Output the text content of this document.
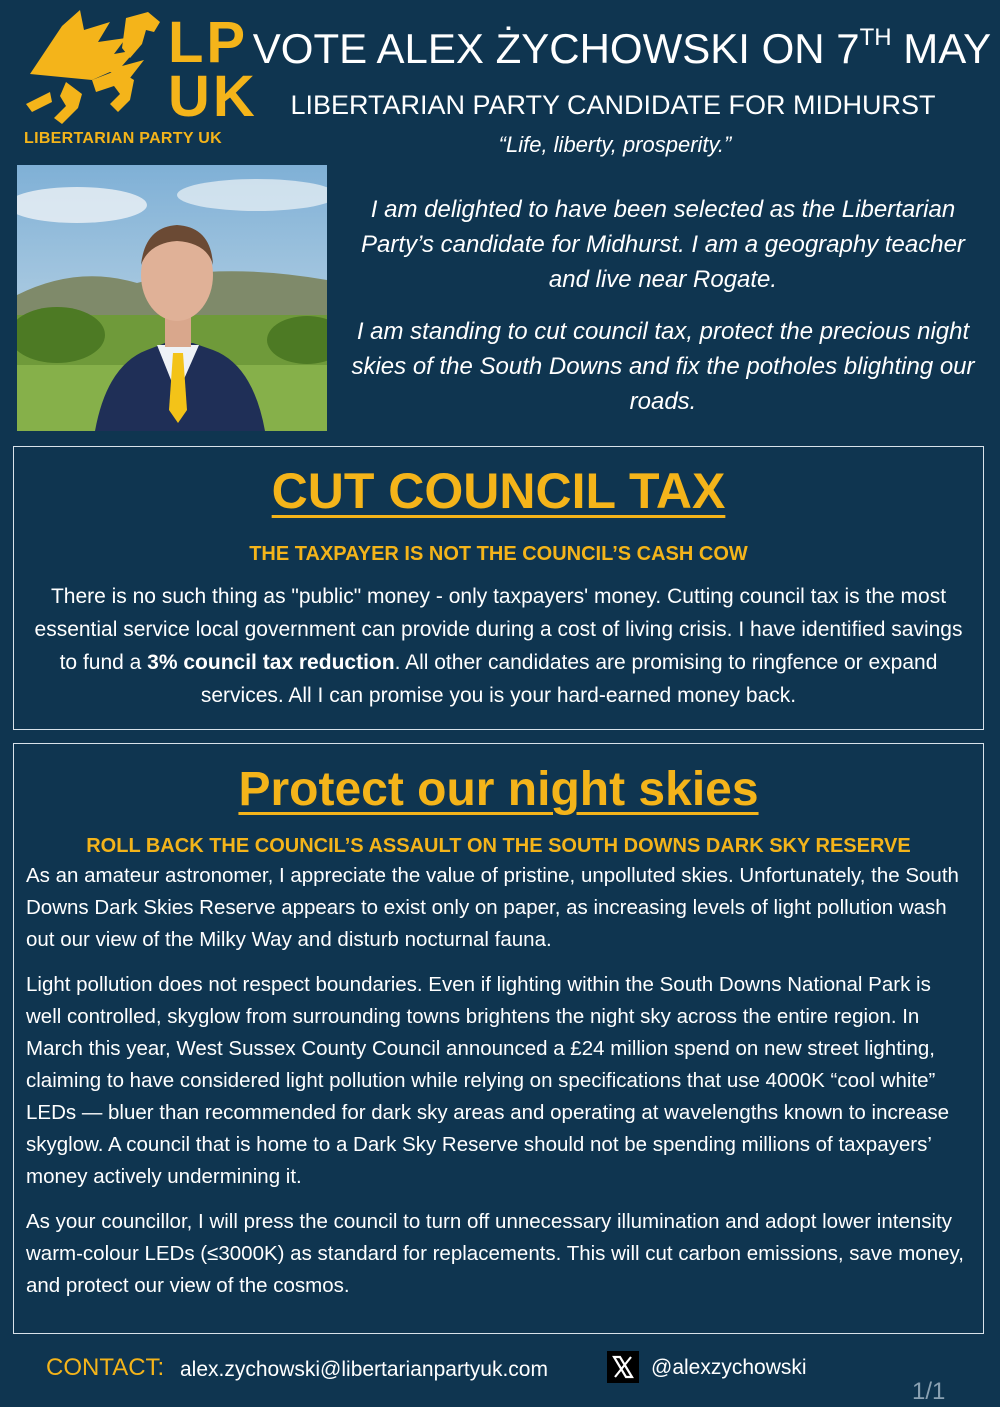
LP
UK
LIBERTARIAN PARTY UK
VOTE ALEX ŻYCHOWSKI ON 7TH MAY
LIBERTARIAN PARTY CANDIDATE FOR MIDHURST
“Life, liberty, prosperity.”

I am delighted to have been selected as the Libertarian Party’s candidate for Midhurst. I am a geography teacher and live near Rogate.

I am standing to cut council tax, protect the precious night skies of the South Downs and fix the potholes blighting our roads.

CUT COUNCIL TAX

THE TAXPAYER IS NOT THE COUNCIL’S CASH COW

There is no such thing as "public" money - only taxpayers' money. Cutting council tax is the most essential service local government can provide during a cost of living crisis. I have identified savings to fund a 3% council tax reduction. All other candidates are promising to ringfence or expand services. All I can promise you is your hard-earned money back.

Protect our night skies

ROLL BACK THE COUNCIL’S ASSAULT ON THE SOUTH DOWNS DARK SKY RESERVE

As an amateur astronomer, I appreciate the value of pristine, unpolluted skies. Unfortunately, the South Downs Dark Skies Reserve appears to exist only on paper, as increasing levels of light pollution wash out our view of the Milky Way and disturb nocturnal fauna.

Light pollution does not respect boundaries. Even if lighting within the South Downs National Park is well controlled, skyglow from surrounding towns brightens the night sky across the entire region. In March this year, West Sussex County Council announced a £24 million spend on new street lighting, claiming to have considered light pollution while relying on specifications that use 4000K “cool white” LEDs — bluer than recommended for dark sky areas and operating at wavelengths known to increase skyglow. A council that is home to a Dark Sky Reserve should not be spending millions of taxpayers’ money actively undermining it.

As your councillor, I will press the council to turn off unnecessary illumination and adopt lower intensity warm-colour LEDs (≤3000K) as standard for replacements. This will cut carbon emissions, save money, and protect our view of the cosmos.

CONTACT: alex.zychowski@libertarianpartyuk.com	@alexzychowski
1/1
